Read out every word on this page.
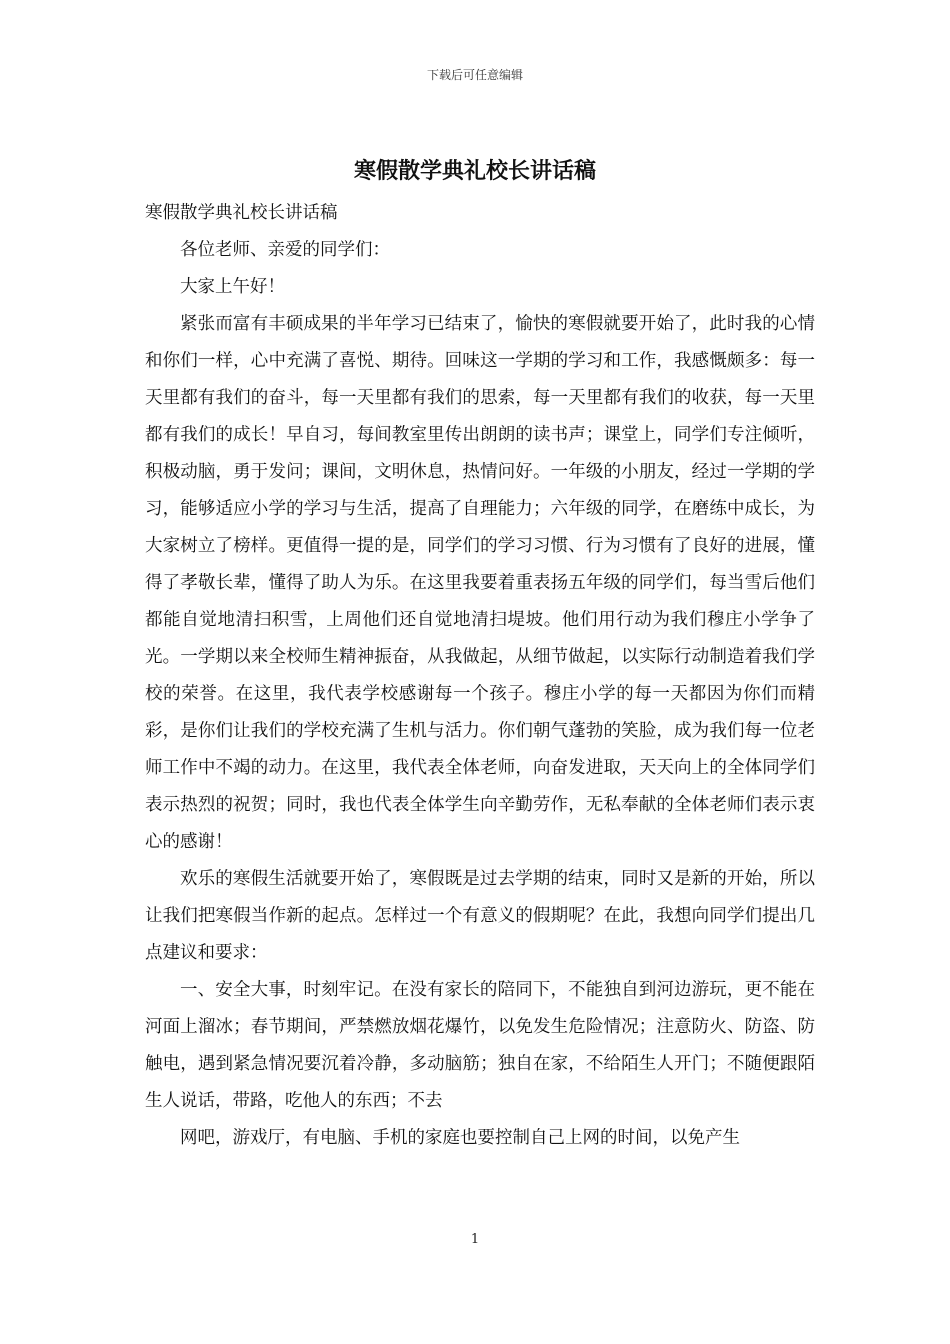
下载后可任意编辑
寒假散学典礼校长讲话稿

寒假散学典礼校长讲话稿

各位老师、亲爱的同学们：

大家上午好！

紧张而富有丰硕成果的半年学习已结束了，愉快的寒假就要开始了，此时我的心情和你们一样，心中充满了喜悦、期待。回味这一学期的学习和工作，我感慨颇多：每一天里都有我们的奋斗，每一天里都有我们的思索，每一天里都有我们的收获，每一天里都有我们的成长！早自习，每间教室里传出朗朗的读书声；课堂上，同学们专注倾听，积极动脑，勇于发问；课间，文明休息，热情问好。一年级的小朋友，经过一学期的学习，能够适应小学的学习与生活，提高了自理能力；六年级的同学，在磨练中成长，为大家树立了榜样。更值得一提的是，同学们的学习习惯、行为习惯有了良好的进展，懂得了孝敬长辈，懂得了助人为乐。在这里我要着重表扬五年级的同学们，每当雪后他们都能自觉地清扫积雪，上周他们还自觉地清扫堤坡。他们用行动为我们穆庄小学争了光。一学期以来全校师生精神振奋，从我做起，从细节做起，以实际行动制造着我们学校的荣誉。在这里，我代表学校感谢每一个孩子。穆庄小学的每一天都因为你们而精彩，是你们让我们的学校充满了生机与活力。你们朝气蓬勃的笑脸，成为我们每一位老师工作中不竭的动力。在这里，我代表全体老师，向奋发进取，天天向上的全体同学们表示热烈的祝贺；同时，我也代表全体学生向辛勤劳作，无私奉献的全体老师们表示衷心的感谢！

欢乐的寒假生活就要开始了，寒假既是过去学期的结束，同时又是新的开始，所以让我们把寒假当作新的起点。怎样过一个有意义的假期呢？在此，我想向同学们提出几点建议和要求：

一、安全大事，时刻牢记。在没有家长的陪同下，不能独自到河边游玩，更不能在河面上溜冰；春节期间，严禁燃放烟花爆竹，以免发生危险情况；注意防火、防盗、防触电，遇到紧急情况要沉着冷静，多动脑筋；独自在家，不给陌生人开门；不随便跟陌生人说话，带路，吃他人的东西；不去

网吧，游戏厅，有电脑、手机的家庭也要控制自己上网的时间，以免产生

1
